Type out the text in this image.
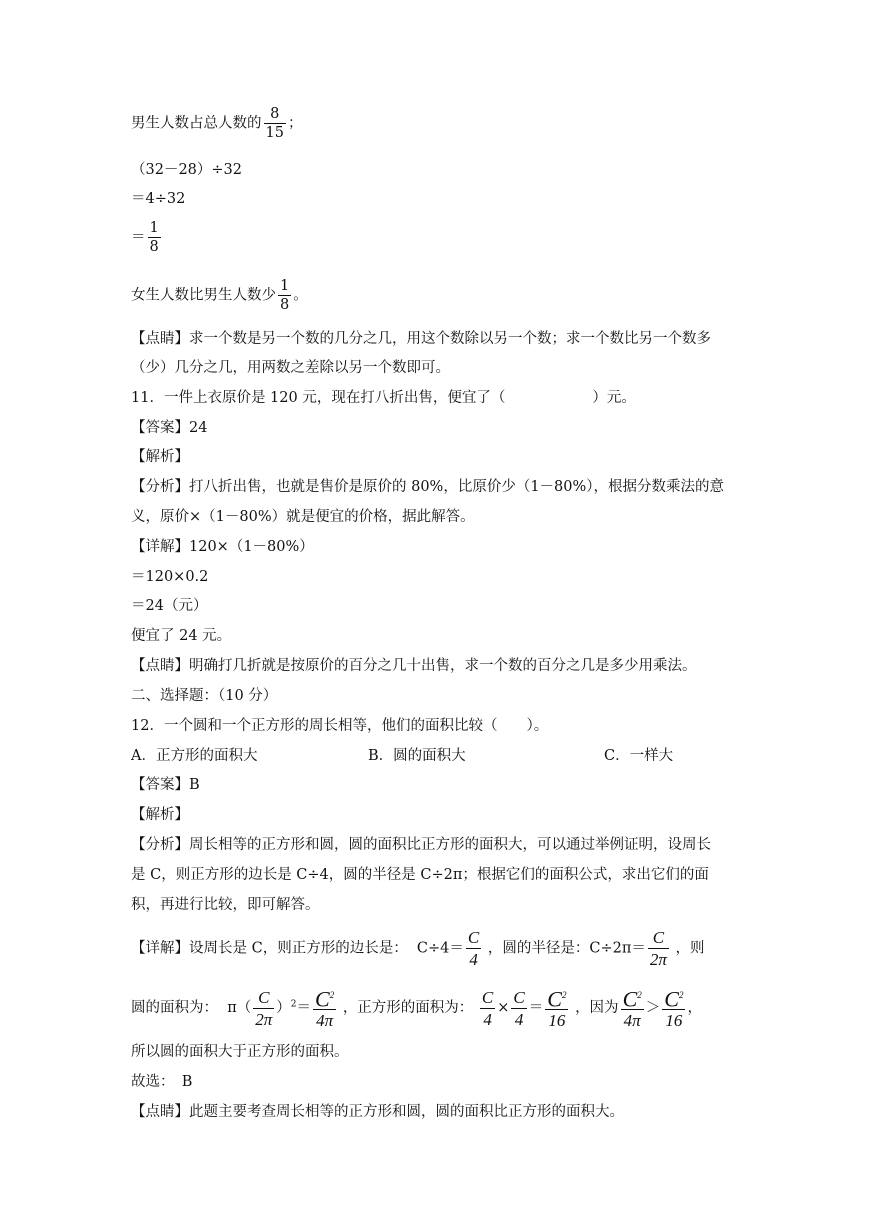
男生人数占总人数的 $\frac{8}{15}$ ；
（32－28）÷32
＝4÷32
＝ $\frac{1}{8}$
女生人数比男生人数少 $\frac{1}{8}$ 。
【点睛】求一个数是另一个数的几分之几，用这个数除以另一个数；求一个数比另一个数多
（少）几分之几，用两数之差除以另一个数即可。
11．一件上衣原价是 120 元，现在打八折出售，便宜了（　　　　　　）元。
【答案】24
【解析】
【分析】打八折出售，也就是售价是原价的 80%，比原价少（1－80%），根据分数乘法的意
义，原价×（1－80%）就是便宜的价格，据此解答。
【详解】120×（1－80%）
＝120×0.2
＝24（元）
便宜了 24 元。
【点睛】明确打几折就是按原价的百分之几十出售，求一个数的百分之几是多少用乘法。
二、选择题：（10 分）
12．一个圆和一个正方形的周长相等，他们的面积比较（　　）。
A．正方形的面积大	B．圆的面积大	C．一样大
【答案】B
【解析】
【分析】周长相等的正方形和圆，圆的面积比正方形的面积大，可以通过举例证明，设周长
是 C，则正方形的边长是 C÷4，圆的半径是 C÷2π；根据它们的面积公式，求出它们的面
积，再进行比较，即可解答。
【详解】设周长是 C，则正方形的边长是： $C\div 4= \frac{C}{4}$ ，圆的半径是：$C\div 2\pi= \frac{C}{2\pi}$ ，则
圆的面积为： $\pi( \frac{C}{2\pi} )^2= \frac{C^2}{4\pi}$ ，正方形的面积为： $\frac{C}{4} \times \frac{C}{4} = \frac{C^2}{16}$ ，因为 $\frac{C^2}{4\pi} > \frac{C^2}{16}$ ，
所以圆的面积大于正方形的面积。
故选：　B
【点睛】此题主要考查周长相等的正方形和圆，圆的面积比正方形的面积大。
